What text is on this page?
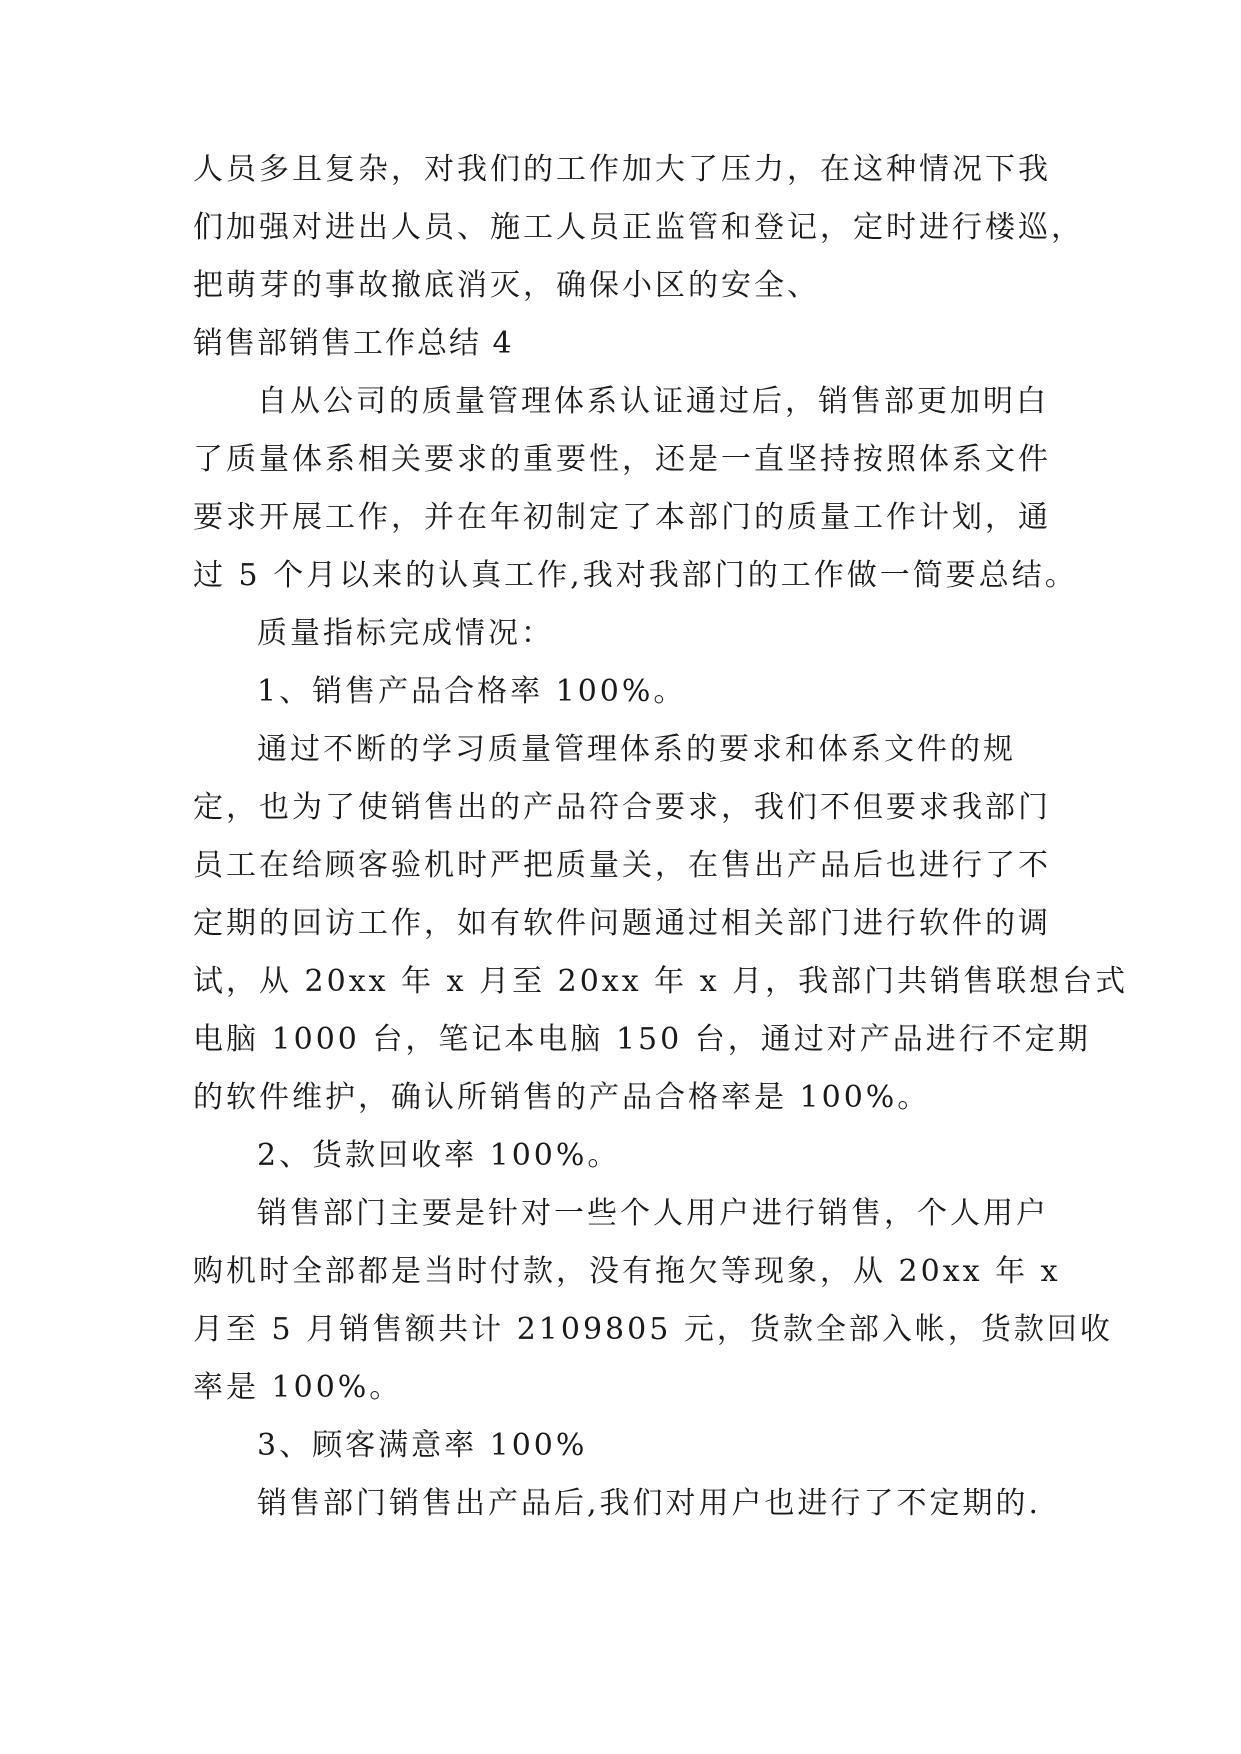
人员多且复杂，对我们的工作加大了压力，在这种情况下我
们加强对进出人员、施工人员正监管和登记，定时进行楼巡，
把萌芽的事故撤底消灭，确保小区的安全、
销售部销售工作总结 4
自从公司的质量管理体系认证通过后，销售部更加明白
了质量体系相关要求的重要性，还是一直坚持按照体系文件
要求开展工作，并在年初制定了本部门的质量工作计划，通
过 5 个月以来的认真工作,我对我部门的工作做一简要总结。
质量指标完成情况：
1、销售产品合格率 100%。
通过不断的学习质量管理体系的要求和体系文件的规
定，也为了使销售出的产品符合要求，我们不但要求我部门
员工在给顾客验机时严把质量关，在售出产品后也进行了不
定期的回访工作，如有软件问题通过相关部门进行软件的调
试，从 20xx 年 x 月至 20xx 年 x 月，我部门共销售联想台式
电脑 1000 台，笔记本电脑 150 台，通过对产品进行不定期
的软件维护，确认所销售的产品合格率是 100%。
2、货款回收率 100%。
销售部门主要是针对一些个人用户进行销售，个人用户
购机时全部都是当时付款，没有拖欠等现象，从 20xx 年 x
月至 5 月销售额共计 2109805 元，货款全部入帐，货款回收
率是 100%。
3、顾客满意率 100%
销售部门销售出产品后,我们对用户也进行了不定期的.
